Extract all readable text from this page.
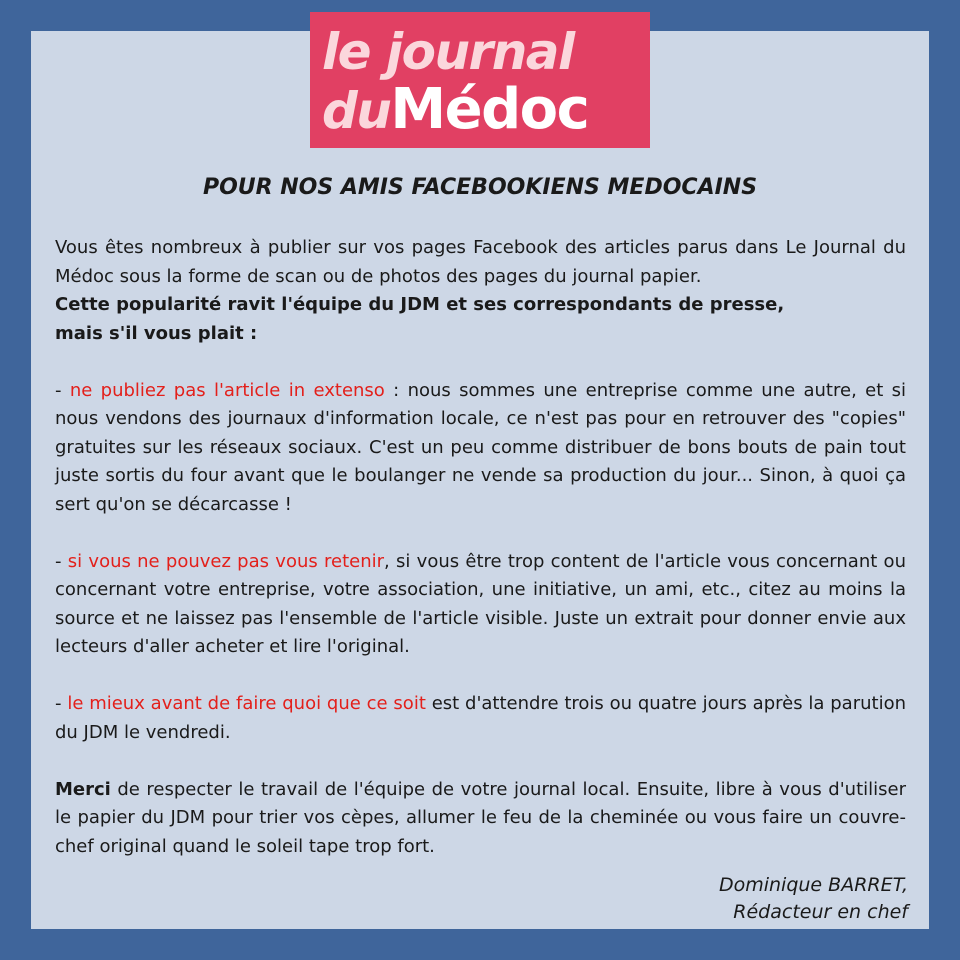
le journal
duMédoc
POUR NOS AMIS FACEBOOKIENS MEDOCAINS

Vous êtes nombreux à publier sur vos pages Facebook des articles parus dans Le Journal du Médoc sous la forme de scan ou de photos des pages du journal papier.

Cette popularité ravit l'équipe du JDM et ses correspondants de presse,

mais s'il vous plait :

- ne publiez pas l'article in extenso : nous sommes une entreprise comme une autre, et si nous vendons des journaux d'information locale, ce n'est pas pour en retrouver des "copies" gratuites sur les réseaux sociaux. C'est un peu comme distribuer de bons bouts de pain tout juste sortis du four avant que le boulanger ne vende sa production du jour... Sinon, à quoi ça sert qu'on se décarcasse !

- si vous ne pouvez pas vous retenir, si vous être trop content de l'article vous concernant ou concernant votre entreprise, votre association, une initiative, un ami, etc., citez au moins la source et ne laissez pas l'ensemble de l'article visible. Juste un extrait pour donner envie aux lecteurs d'aller acheter et lire l'original.

- le mieux avant de faire quoi que ce soit est d'attendre trois ou quatre jours après la parution du JDM le vendredi.

Merci de respecter le travail de l'équipe de votre journal local. Ensuite, libre à vous d'utiliser le papier du JDM pour trier vos cèpes, allumer le feu de la cheminée ou vous faire un couvre-chef original quand le soleil tape trop fort.

Dominique BARRET,
Rédacteur en chef
